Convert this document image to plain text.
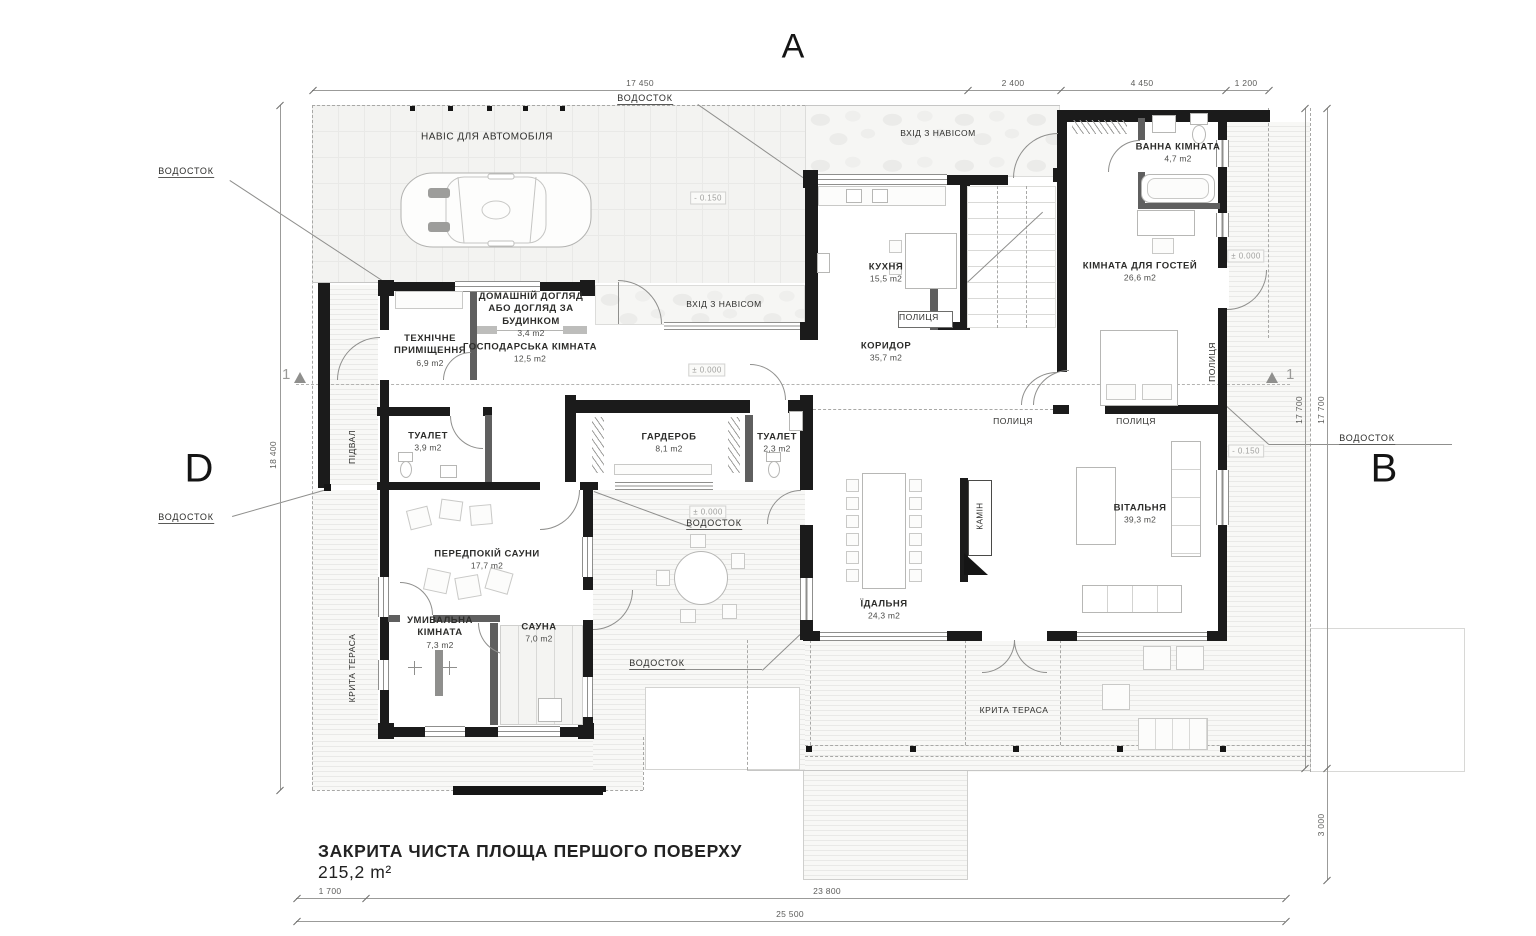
ПОЛИЦЯ
17 450	2 400	4 450	1 200
18 400
17 700 17 700
3 000
1 700	23 800
25 500
A
D	B
1	1
- 0.150
± 0.000
± 0.000
± 0.000
- 0.150
ВОДОСТОК
ВОДОСТОК
ВОДОСТОК
ВОДОСТОК
ВОДОСТОК
ВОДОСТОК
НАВІС ДЛЯ АВТОМОБІЛЯ	ВХІД З НАВІСОМ
ВХІД З НАВІСОМ
ПІДВАЛ
КРИТА ТЕРАСА
КРИТА ТЕРАСА
ПОЛИЦЯ	ПОЛИЦЯ
ПОЛИЦЯ
КАМІН
ВАННА КІМНАТА
4,7 m2
КУХНЯ
15,5 m2
КІМНАТА ДЛЯ ГОСТЕЙ
26,6 m2
КОРИДОР
35,7 m2
ДОМАШНІЙ ДОГЛЯД АБО ДОГЛЯД ЗА БУДИНКОМ
3,4 m2
ТЕХНІЧНЕ ПРИМІЩЕННЯ
6,9 m2
ГОСПОДАРСЬКА КІМНАТА
12,5 m2
ТУАЛЕТ
3,9 m2
ГАРДЕРОБ
8,1 m2
ТУАЛЕТ
2,3 m2
ВІТАЛЬНЯ
39,3 m2
ЇДАЛЬНЯ
24,3 m2
ПЕРЕДПОКІЙ САУНИ
17,7 m2
УМИВАЛЬНА КІМНАТА
7,3 m2
САУНА
7,0 m2
ЗАКРИТА ЧИСТА ПЛОЩА ПЕРШОГО ПОВЕРХУ
215,2 m²
